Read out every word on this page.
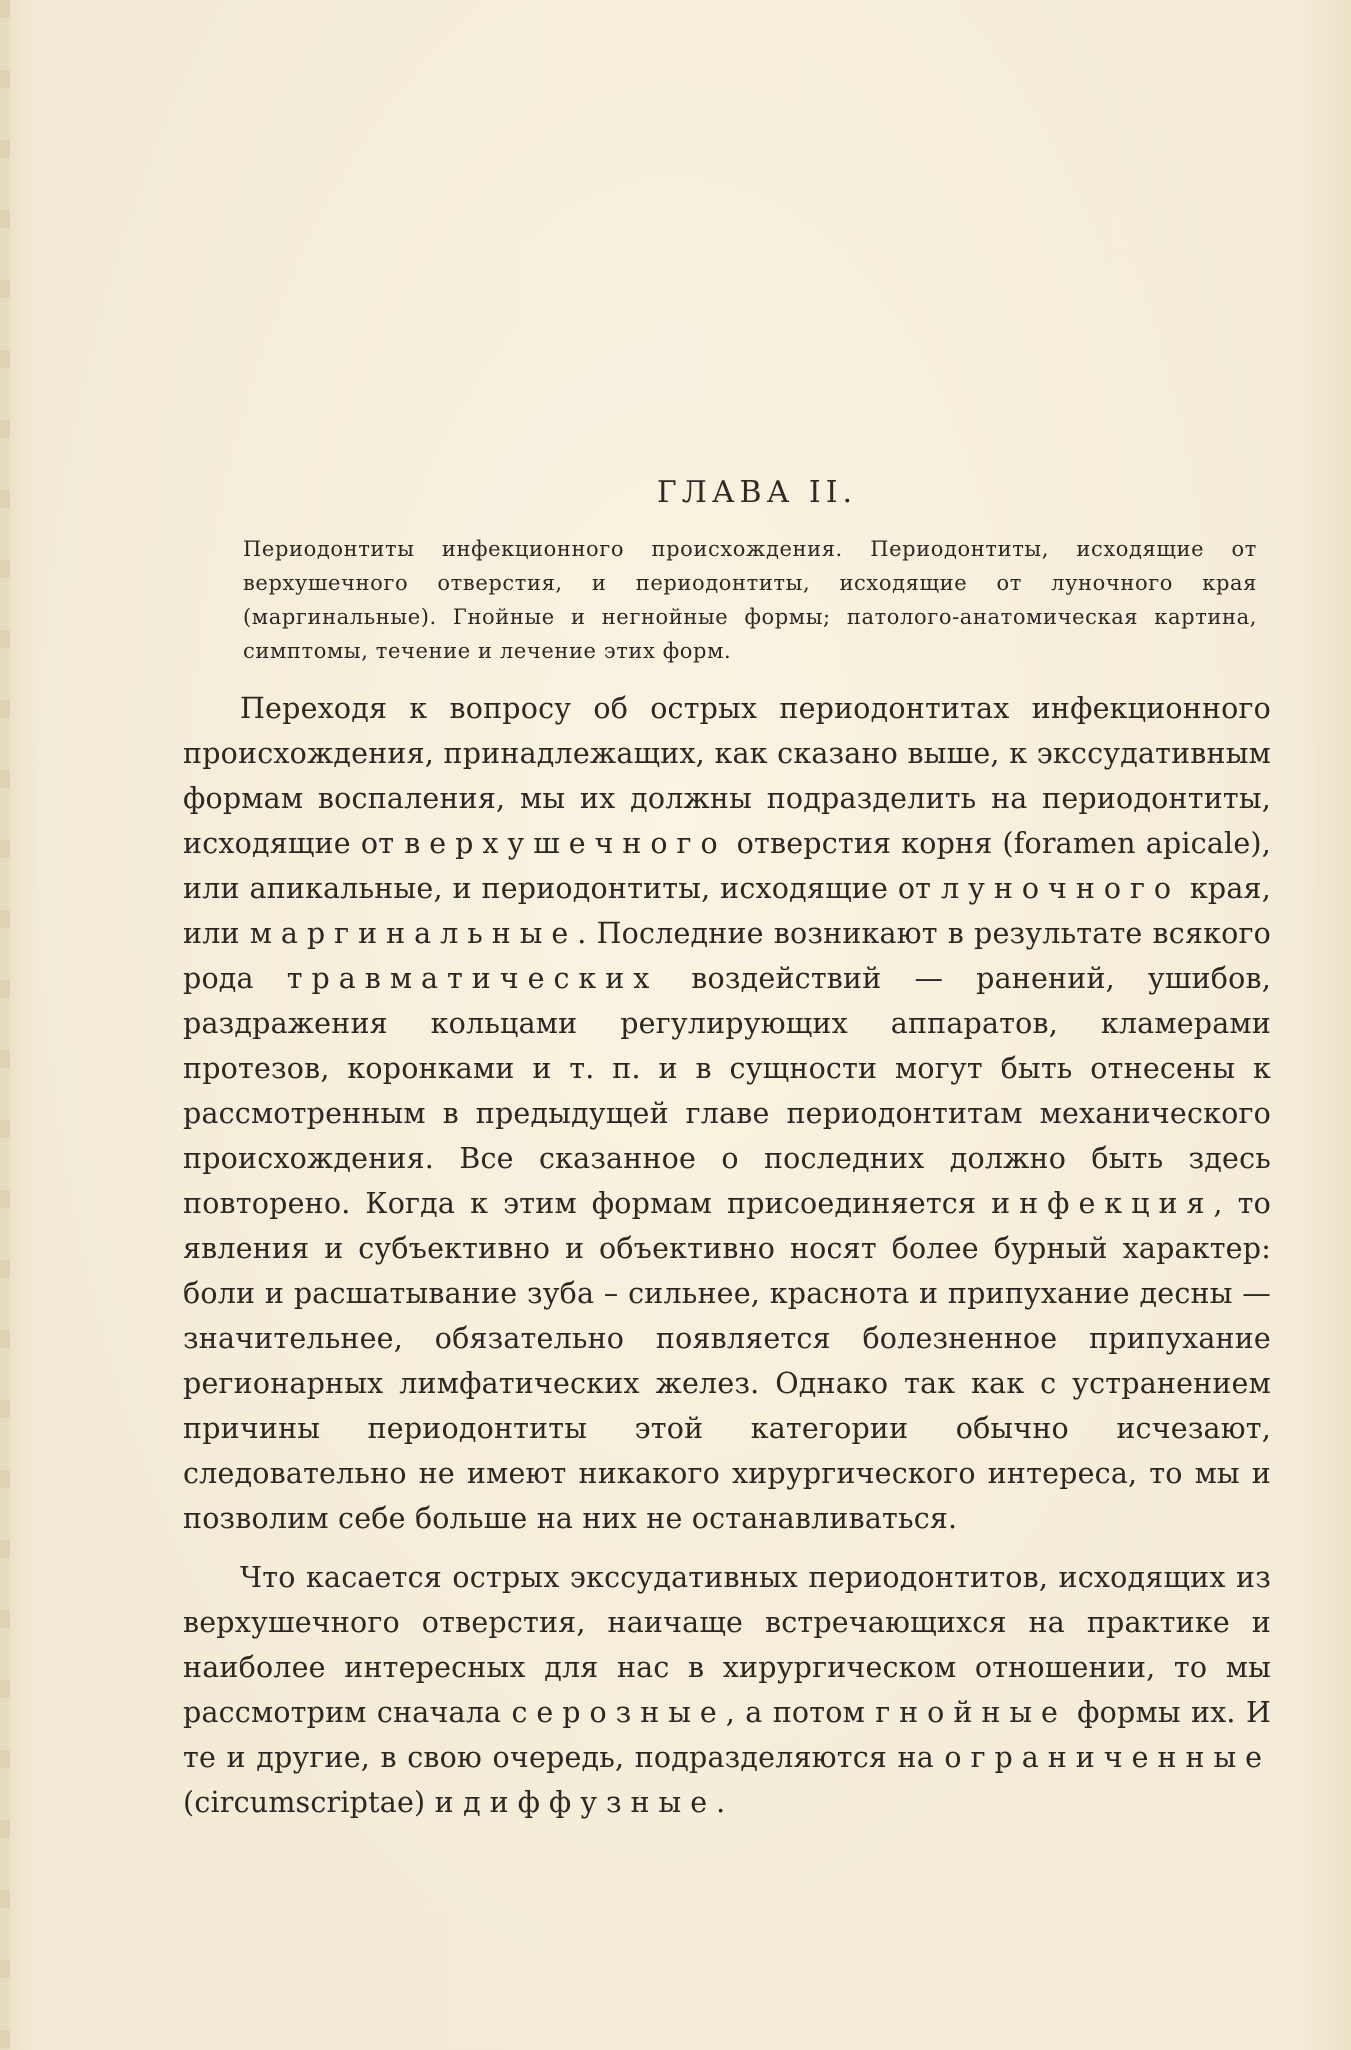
ГЛАВА II.

Периодонтиты инфекционного происхождения. Периодонтиты, исходящие от верхушечного отверстия, и периодонтиты, исходящие от луночного края (маргинальные). Гнойные и негнойные формы; патолого-анатомическая картина, симптомы, течение и лечение этих форм.

Переходя к вопросу об острых периодонтитах инфекционного происхождения, принадлежащих, как сказано выше, к экссудативным формам воспаления, мы их должны подразделить на периодонтиты, исходящие от верхушечного отверстия корня (foramen apicale), или апикальные, и периодонтиты, исходящие от луночного края, или маргинальные. Последние возникают в результате всякого рода травматических воздействий — ранений, ушибов, раздражения кольцами регулирующих аппаратов, кламерами протезов, коронками и т. п. и в сущности могут быть отнесены к рассмотренным в предыдущей главе периодонтитам механического происхождения. Все сказанное о последних должно быть здесь повторено. Когда к этим формам присоединяется инфекция, то явления и субъективно и объективно носят более бурный характер: боли и расшатывание зуба – сильнее, краснота и припухание десны — значительнее, обязательно появляется болезненное припухание регионарных лимфатических желез. Однако так как с устранением причины периодонтиты этой категории обычно исчезают, следовательно не имеют никакого хирургического интереса, то мы и позволим себе больше на них не останавливаться.

Что касается острых экссудативных периодонтитов, исходящих из верхушечного отверстия, наичаще встречающихся на практике и наиболее интересных для нас в хирургическом отношении, то мы рассмотрим сначала серозные, а потом гнойные формы их. И те и другие, в свою очередь, подразделяются на ограниченные (circumscriptae) и диффузные.
